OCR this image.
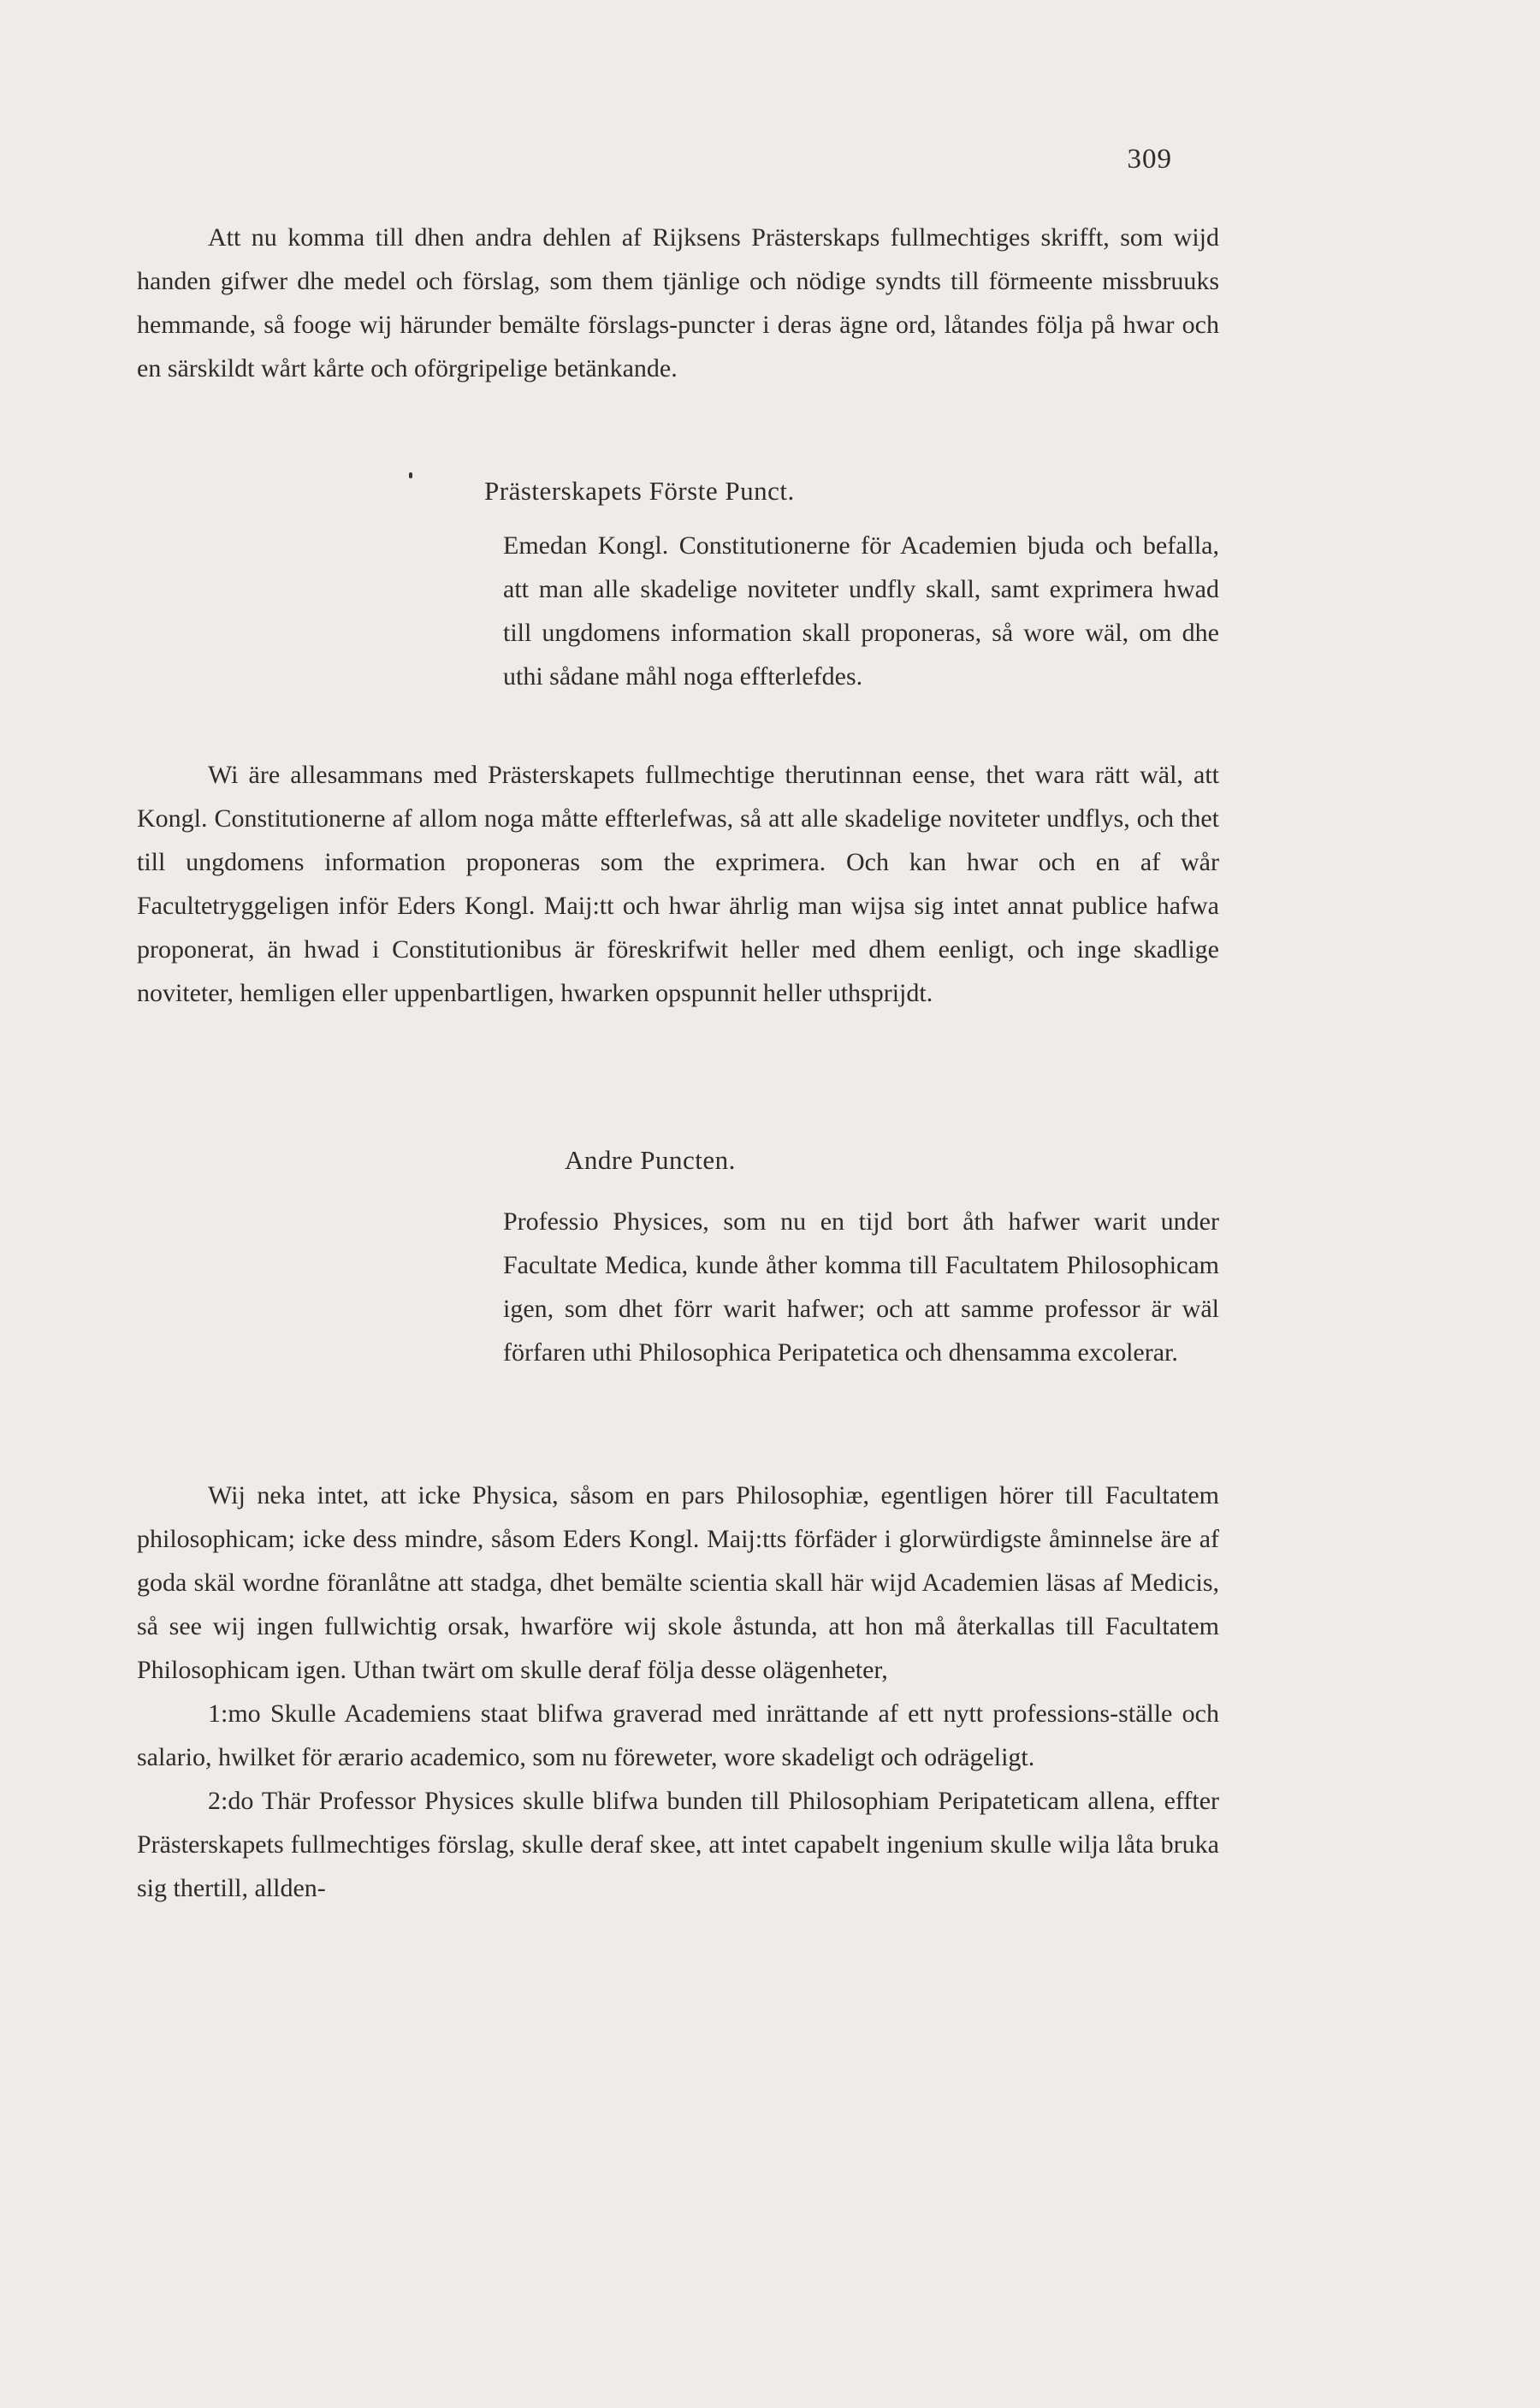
309

Att nu komma till dhen andra dehlen af Rijksens Prästerskaps fullmechtiges skrifft, som wijd handen gifwer dhe medel och förslag, som them tjänlige och nödige syndts till förmeente missbruuks hemmande, så fooge wij härunder bemälte förslags-puncter i deras ägne ord, låtandes följa på hwar och en särskildt wårt kårte och oförgripelige betänkande.

Prästerskapets Förste Punct.

Emedan Kongl. Constitutionerne för Academien bjuda och befalla, att man alle skadelige noviteter undfly skall, samt exprimera hwad till ungdomens information skall proponeras, så wore wäl, om dhe uthi sådane måhl noga effterlefdes.

Wi äre allesammans med Prästerskapets fullmechtige therutinnan eense, thet wara rätt wäl, att Kongl. Constitutionerne af allom noga måtte effterlefwas, så att alle skadelige noviteter undflys, och thet till ungdomens information proponeras som the exprimera. Och kan hwar och en af wår Facultetryggeligen inför Eders Kongl. Maij:tt och hwar ährlig man wijsa sig intet annat publice hafwa proponerat, än hwad i Constitutionibus är föreskrifwit heller med dhem eenligt, och inge skadlige noviteter, hemligen eller uppenbartligen, hwarken opspunnit heller uthsprijdt.

Andre Puncten.

Professio Physices, som nu en tijd bort åth hafwer warit under Facultate Medica, kunde åther komma till Facultatem Philosophicam igen, som dhet förr warit hafwer; och att samme professor är wäl förfaren uthi Philosophica Peripatetica och dhensamma excolerar.

Wij neka intet, att icke Physica, såsom en pars Philosophiæ, egentligen hörer till Facultatem philosophicam; icke dess mindre, såsom Eders Kongl. Maij:tts förfäder i glorwürdigste åminnelse äre af goda skäl wordne föranlåtne att stadga, dhet bemälte scientia skall här wijd Academien läsas af Medicis, så see wij ingen fullwichtig orsak, hwarföre wij skole åstunda, att hon må återkallas till Facultatem Philosophicam igen. Uthan twärt om skulle deraf följa desse olägenheter,

1:mo Skulle Academiens staat blifwa graverad med inrättande af ett nytt professions-ställe och salario, hwilket för ærario academico, som nu föreweter, wore skadeligt och odrägeligt.

2:do Thär Professor Physices skulle blifwa bunden till Philosophiam Peripateticam allena, effter Prästerskapets fullmechtiges förslag, skulle deraf skee, att intet capabelt ingenium skulle wilja låta bruka sig thertill, allden-
